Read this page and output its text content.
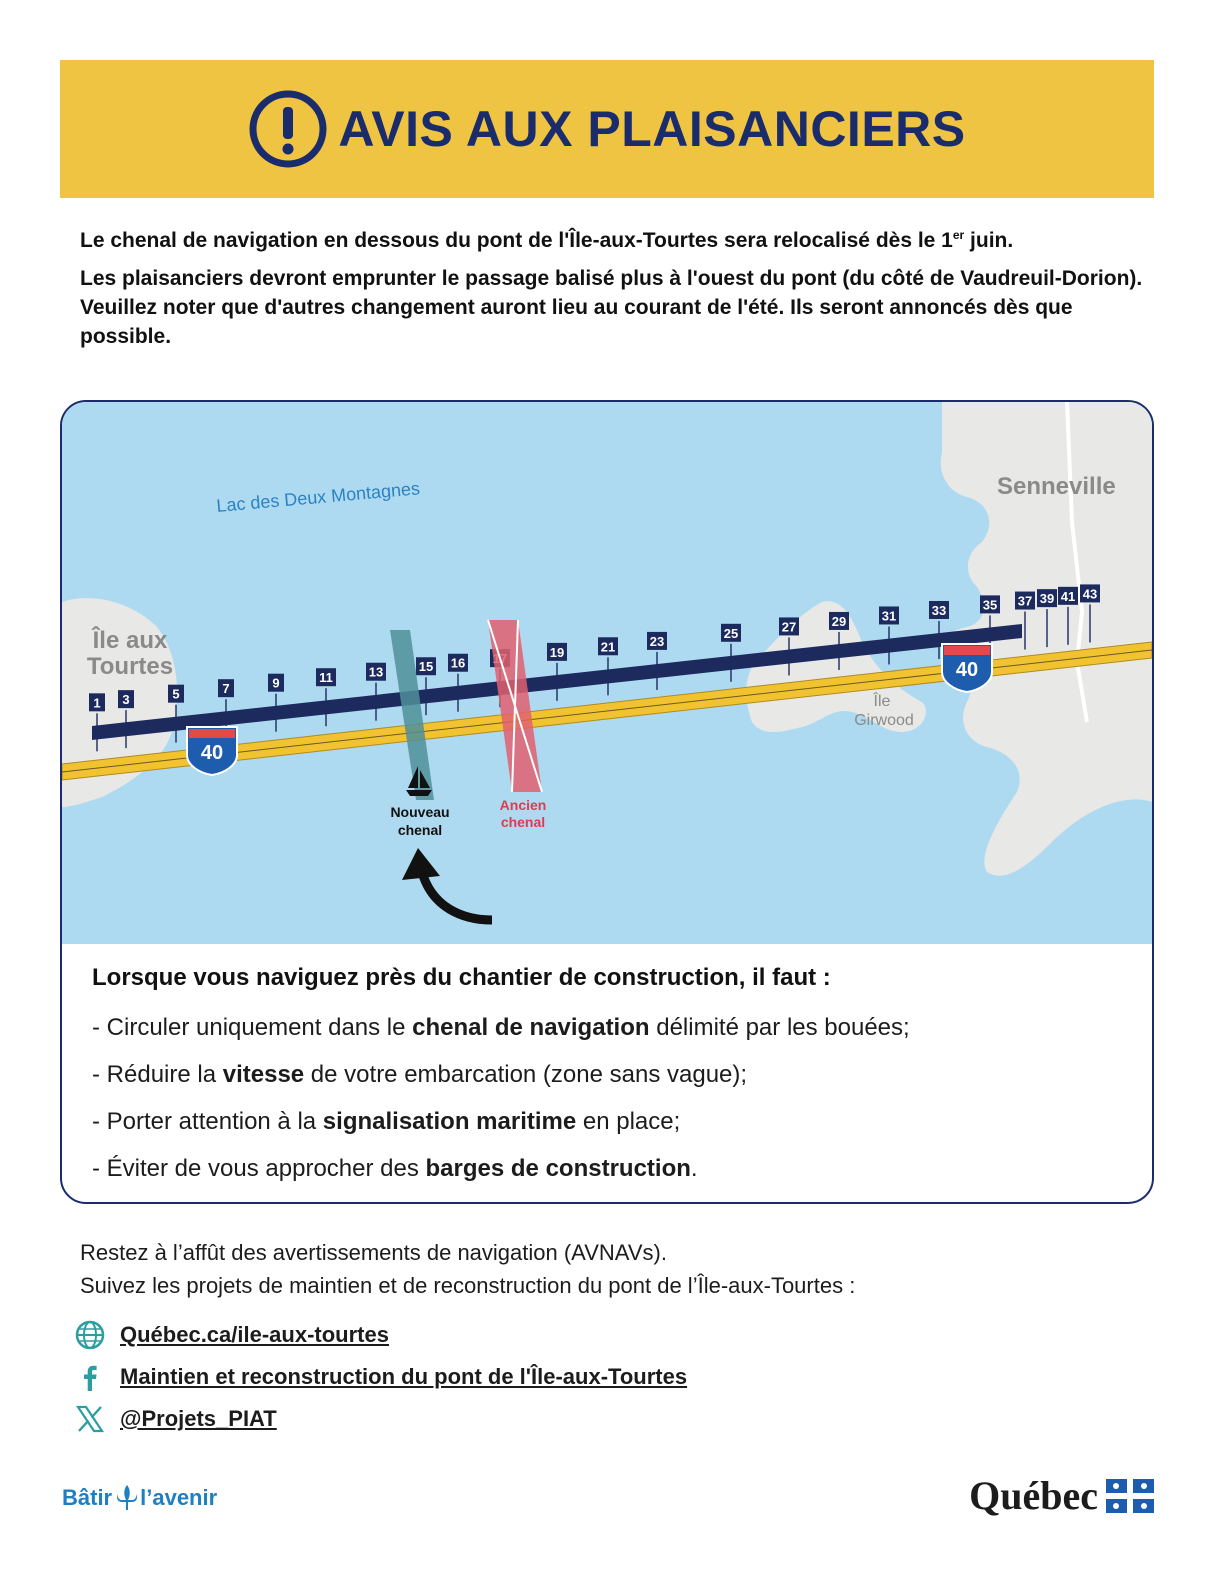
AVIS AUX PLAISANCIERS

Le chenal de navigation en dessous du pont de l'Île-aux-Tourtes sera relocalisé dès le 1er juin.

Les plaisanciers devront emprunter le passage balisé plus à l'ouest du pont (du côté de Vaudreuil-Dorion). Veuillez noter que d'autres changement auront lieu au courant de l'été. Ils seront annoncés dès que possible.

1 3	5	7	9	11	13	15 16
19	21	23
25	27	29	31	33	35 37 39 41 43
40
40
Lac des Deux Montagnes	Senneville
Île aux
Tourtes
Île
Girwood
Nouveau
chenal
Ancien
chenal
Lorsque vous naviguez près du chantier de construction, il faut :
- Circuler uniquement dans le chenal de navigation délimité par les bouées;
- Réduire la vitesse de votre embarcation (zone sans vague);
- Porter attention à la signalisation maritime en place;
- Éviter de vous approcher des barges de construction.
Restez à l’affût des avertissements de navigation (AVNAVs).
Suivez les projets de maintien et de reconstruction du pont de l’Île-aux-Tourtes :
Québec.ca/ile-aux-tourtes
Maintien et reconstruction du pont de l'Île-aux-Tourtes
@Projets_PIAT
Bâtir l’avenir	Québec
